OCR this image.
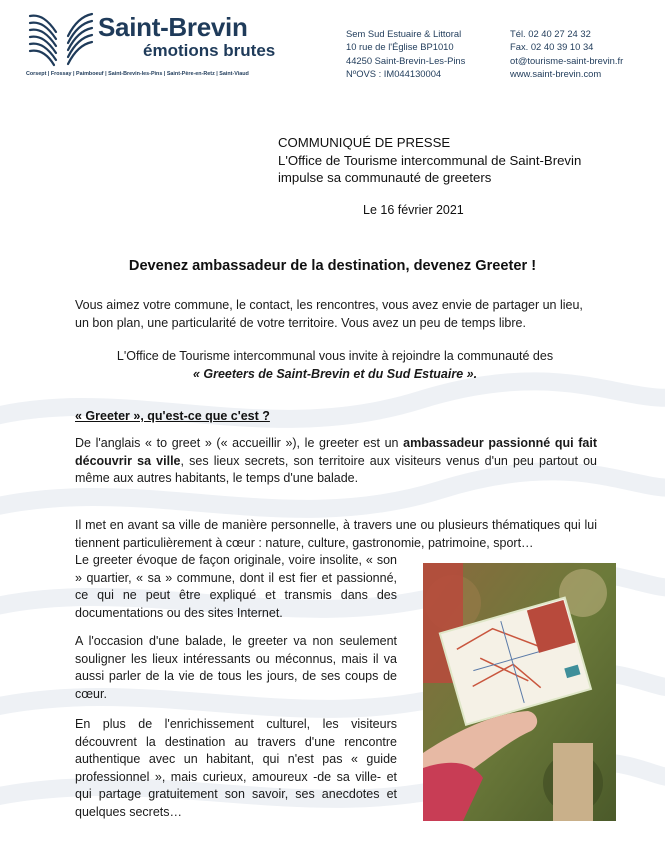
Saint-Brevin
émotions brutes
Corsept | Frossay | Paimboeuf | Saint-Brevin-les-Pins | Saint-Père-en-Retz | Saint-Viaud
Sem Sud Estuaire & Littoral
10 rue de l'Église BP1010
44250 Saint-Brevin-Les-Pins
NºOVS : IM044130004
Tél. 02 40 27 24 32
Fax. 02 40 39 10 34
ot@tourisme-saint-brevin.fr
www.saint-brevin.com
COMMUNIQUÉ DE PRESSE
L'Office de Tourisme intercommunal de Saint-Brevin
impulse sa communauté de greeters
Le 16 février 2021
Devenez ambassadeur de la destination, devenez Greeter !

Vous aimez votre commune, le contact, les rencontres, vous avez envie de partager un lieu, un bon plan, une particularité de votre territoire. Vous avez un peu de temps libre.

L'Office de Tourisme intercommunal vous invite à rejoindre la communauté des
« Greeters de Saint-Brevin et du Sud Estuaire ».

« Greeter », qu'est-ce que c'est ?

De l'anglais « to greet » (« accueillir »), le greeter est un ambassadeur passionné qui fait découvrir sa ville, ses lieux secrets, son territoire aux visiteurs venus d'un peu partout ou même aux autres habitants, le temps d'une balade.

Il met en avant sa ville de manière personnelle, à travers une ou plusieurs thématiques qui lui tiennent particulièrement à cœur : nature, culture, gastronomie, patrimoine, sport…

Le greeter évoque de façon originale, voire insolite, « son » quartier, « sa » commune, dont il est fier et passionné, ce qui ne peut être expliqué et transmis dans des documentations ou des sites Internet.

A l'occasion d'une balade, le greeter va non seulement souligner les lieux intéressants ou méconnus, mais il va aussi parler de la vie de tous les jours, de ses coups de cœur.

En plus de l'enrichissement culturel, les visiteurs découvrent la destination au travers d'une rencontre authentique avec un habitant, qui n'est pas « guide professionnel », mais curieux, amoureux -de sa ville- et qui partage gratuitement son savoir, ses anecdotes et quelques secrets…
